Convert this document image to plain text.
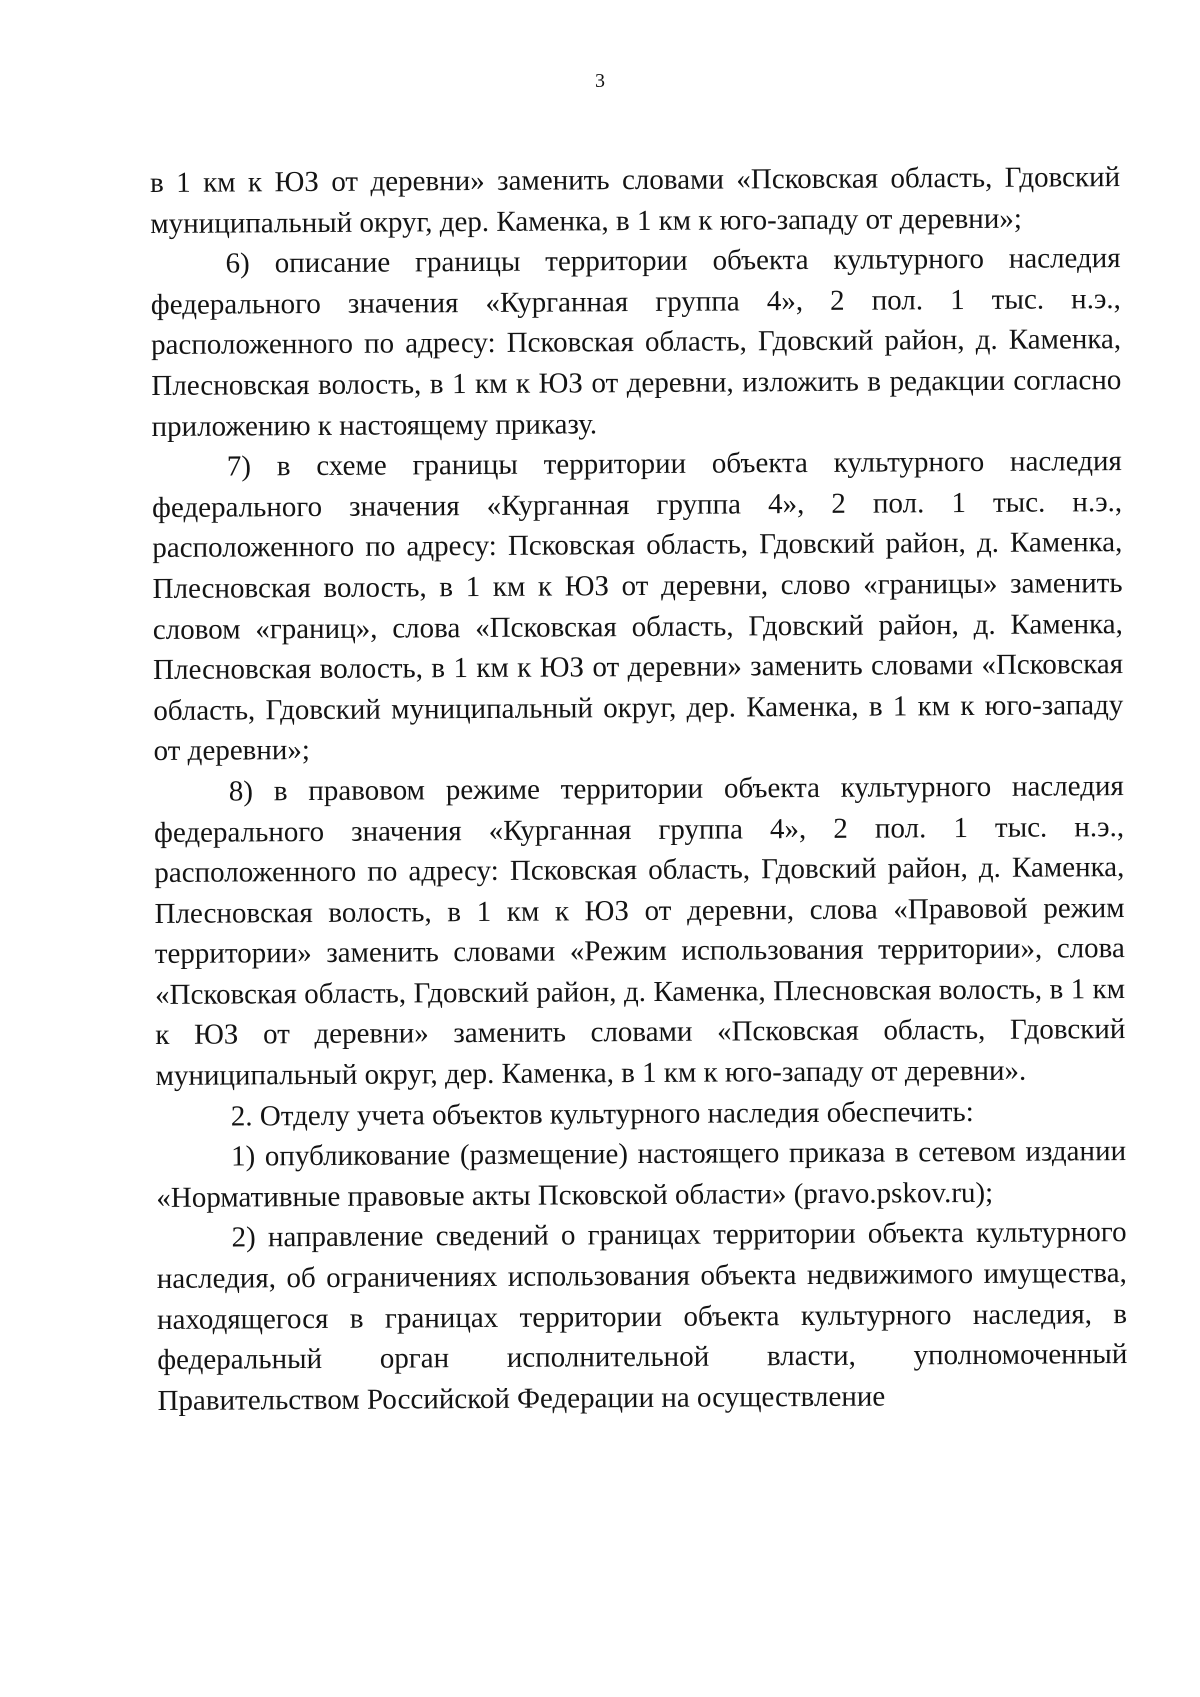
3

в 1 км к ЮЗ от деревни» заменить словами «Псковская область, Гдовский муниципальный округ, дер. Каменка, в 1 км к юго-западу от деревни»;

6) описание границы территории объекта культурного наследия федерального значения «Курганная группа 4», 2 пол. 1 тыс. н.э., расположенного по адресу: Псковская область, Гдовский район, д. Каменка, Плесновская волость, в 1 км к ЮЗ от деревни, изложить в редакции согласно приложению к настоящему приказу.

7) в схеме границы территории объекта культурного наследия федерального значения «Курганная группа 4», 2 пол. 1 тыс. н.э., расположенного по адресу: Псковская область, Гдовский район, д. Каменка, Плесновская волость, в 1 км к ЮЗ от деревни, слово «границы» заменить словом «границ», слова «Псковская область, Гдовский район, д. Каменка, Плесновская волость, в 1 км к ЮЗ от деревни» заменить словами «Псковская область, Гдовский муниципальный округ, дер. Каменка, в 1 км к юго-западу от деревни»;

8) в правовом режиме территории объекта культурного наследия федерального значения «Курганная группа 4», 2 пол. 1 тыс. н.э., расположенного по адресу: Псковская область, Гдовский район, д. Каменка, Плесновская волость, в 1 км к ЮЗ от деревни, слова «Правовой режим территории» заменить словами «Режим использования территории», слова «Псковская область, Гдовский район, д. Каменка, Плесновская волость, в 1 км к ЮЗ от деревни» заменить словами «Псковская область, Гдовский муниципальный округ, дер. Каменка, в 1 км к юго-западу от деревни».

2. Отделу учета объектов культурного наследия обеспечить:

1) опубликование (размещение) настоящего приказа в сетевом издании «Нормативные правовые акты Псковской области» (pravo.pskov.ru);

2) направление сведений о границах территории объекта культурного наследия, об ограничениях использования объекта недвижимого имущества, находящегося в границах территории объекта культурного наследия, в федеральный орган исполнительной власти, уполномоченный Правительством Российской Федерации на осуществление
